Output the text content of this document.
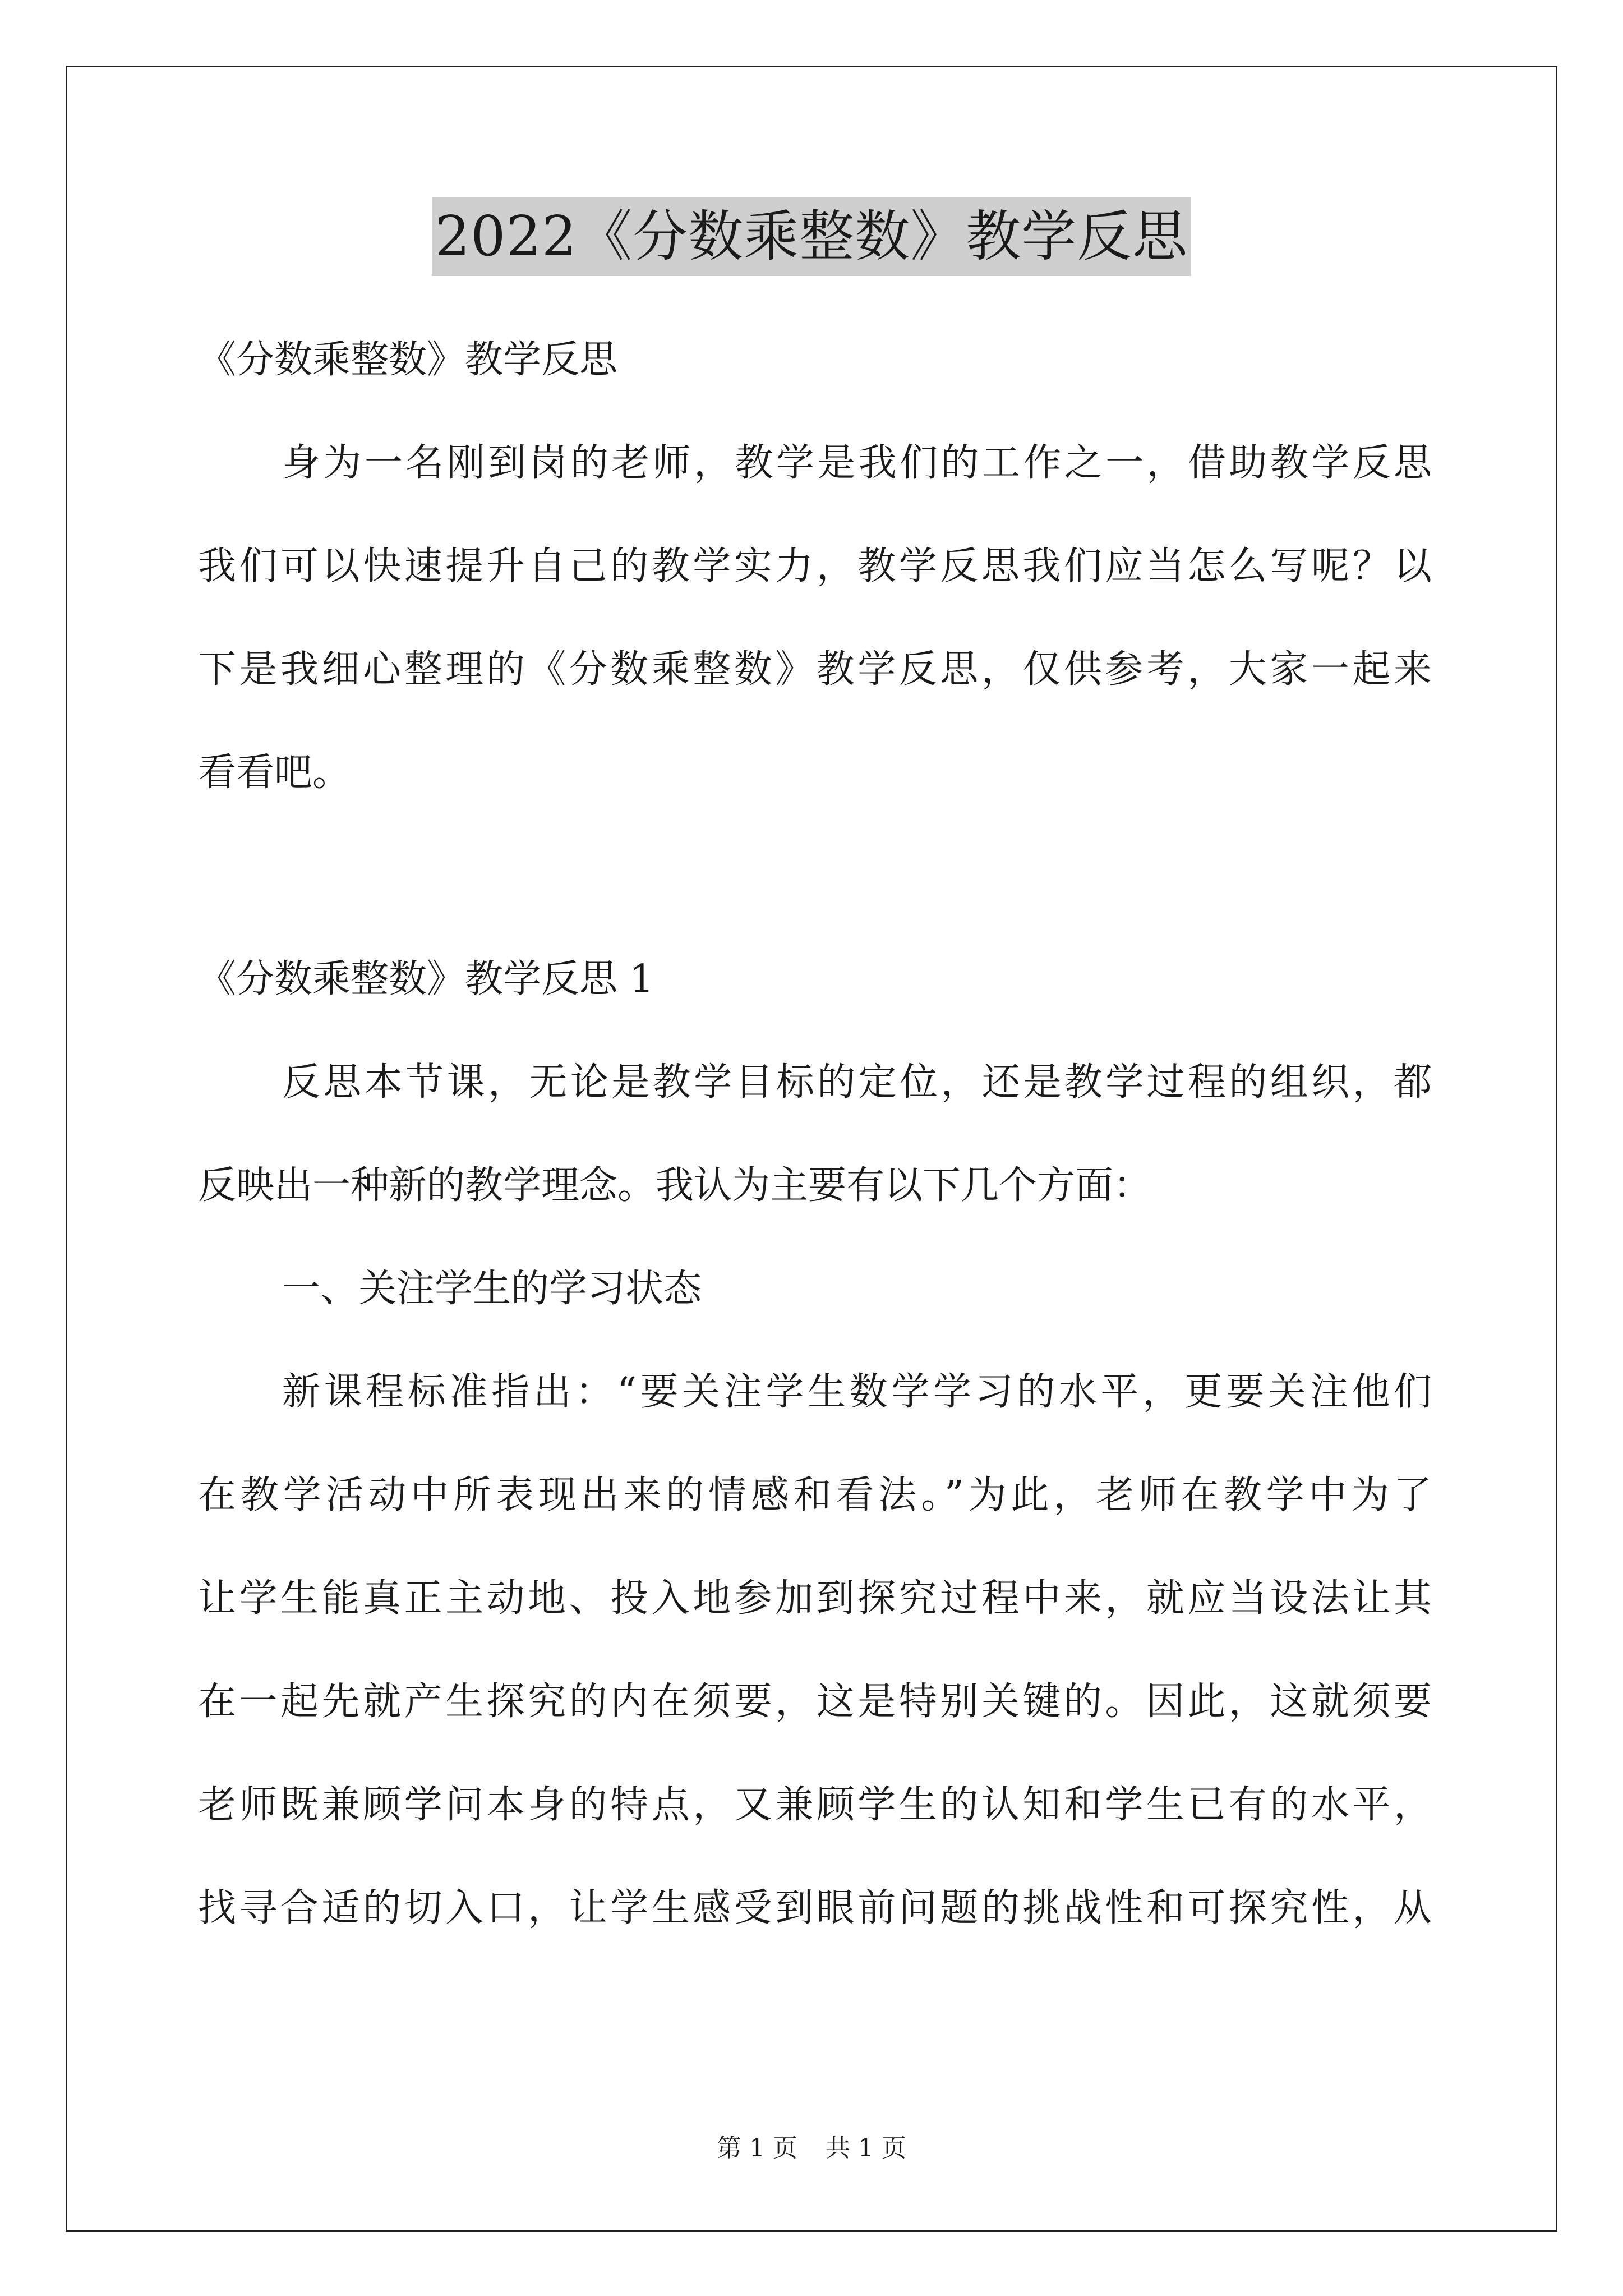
2022《分数乘整数》教学反思
《分数乘整数》教学反思
身为一名刚到岗的老师，教学是我们的工作之一，借助教学反思
我们可以快速提升自己的教学实力，教学反思我们应当怎么写呢？以
下是我细心整理的《分数乘整数》教学反思，仅供参考，大家一起来
看看吧。
《分数乘整数》教学反思 1
反思本节课，无论是教学目标的定位，还是教学过程的组织，都
反映出一种新的教学理念。我认为主要有以下几个方面：
一、关注学生的学习状态
新课程标准指出：“要关注学生数学学习的水平，更要关注他们
在教学活动中所表现出来的情感和看法。”为此，老师在教学中为了
让学生能真正主动地、投入地参加到探究过程中来，就应当设法让其
在一起先就产生探究的内在须要，这是特别关键的。因此，这就须要
老师既兼顾学问本身的特点，又兼顾学生的认知和学生已有的水平，
找寻合适的切入口，让学生感受到眼前问题的挑战性和可探究性，从
第 1 页 共 1 页
